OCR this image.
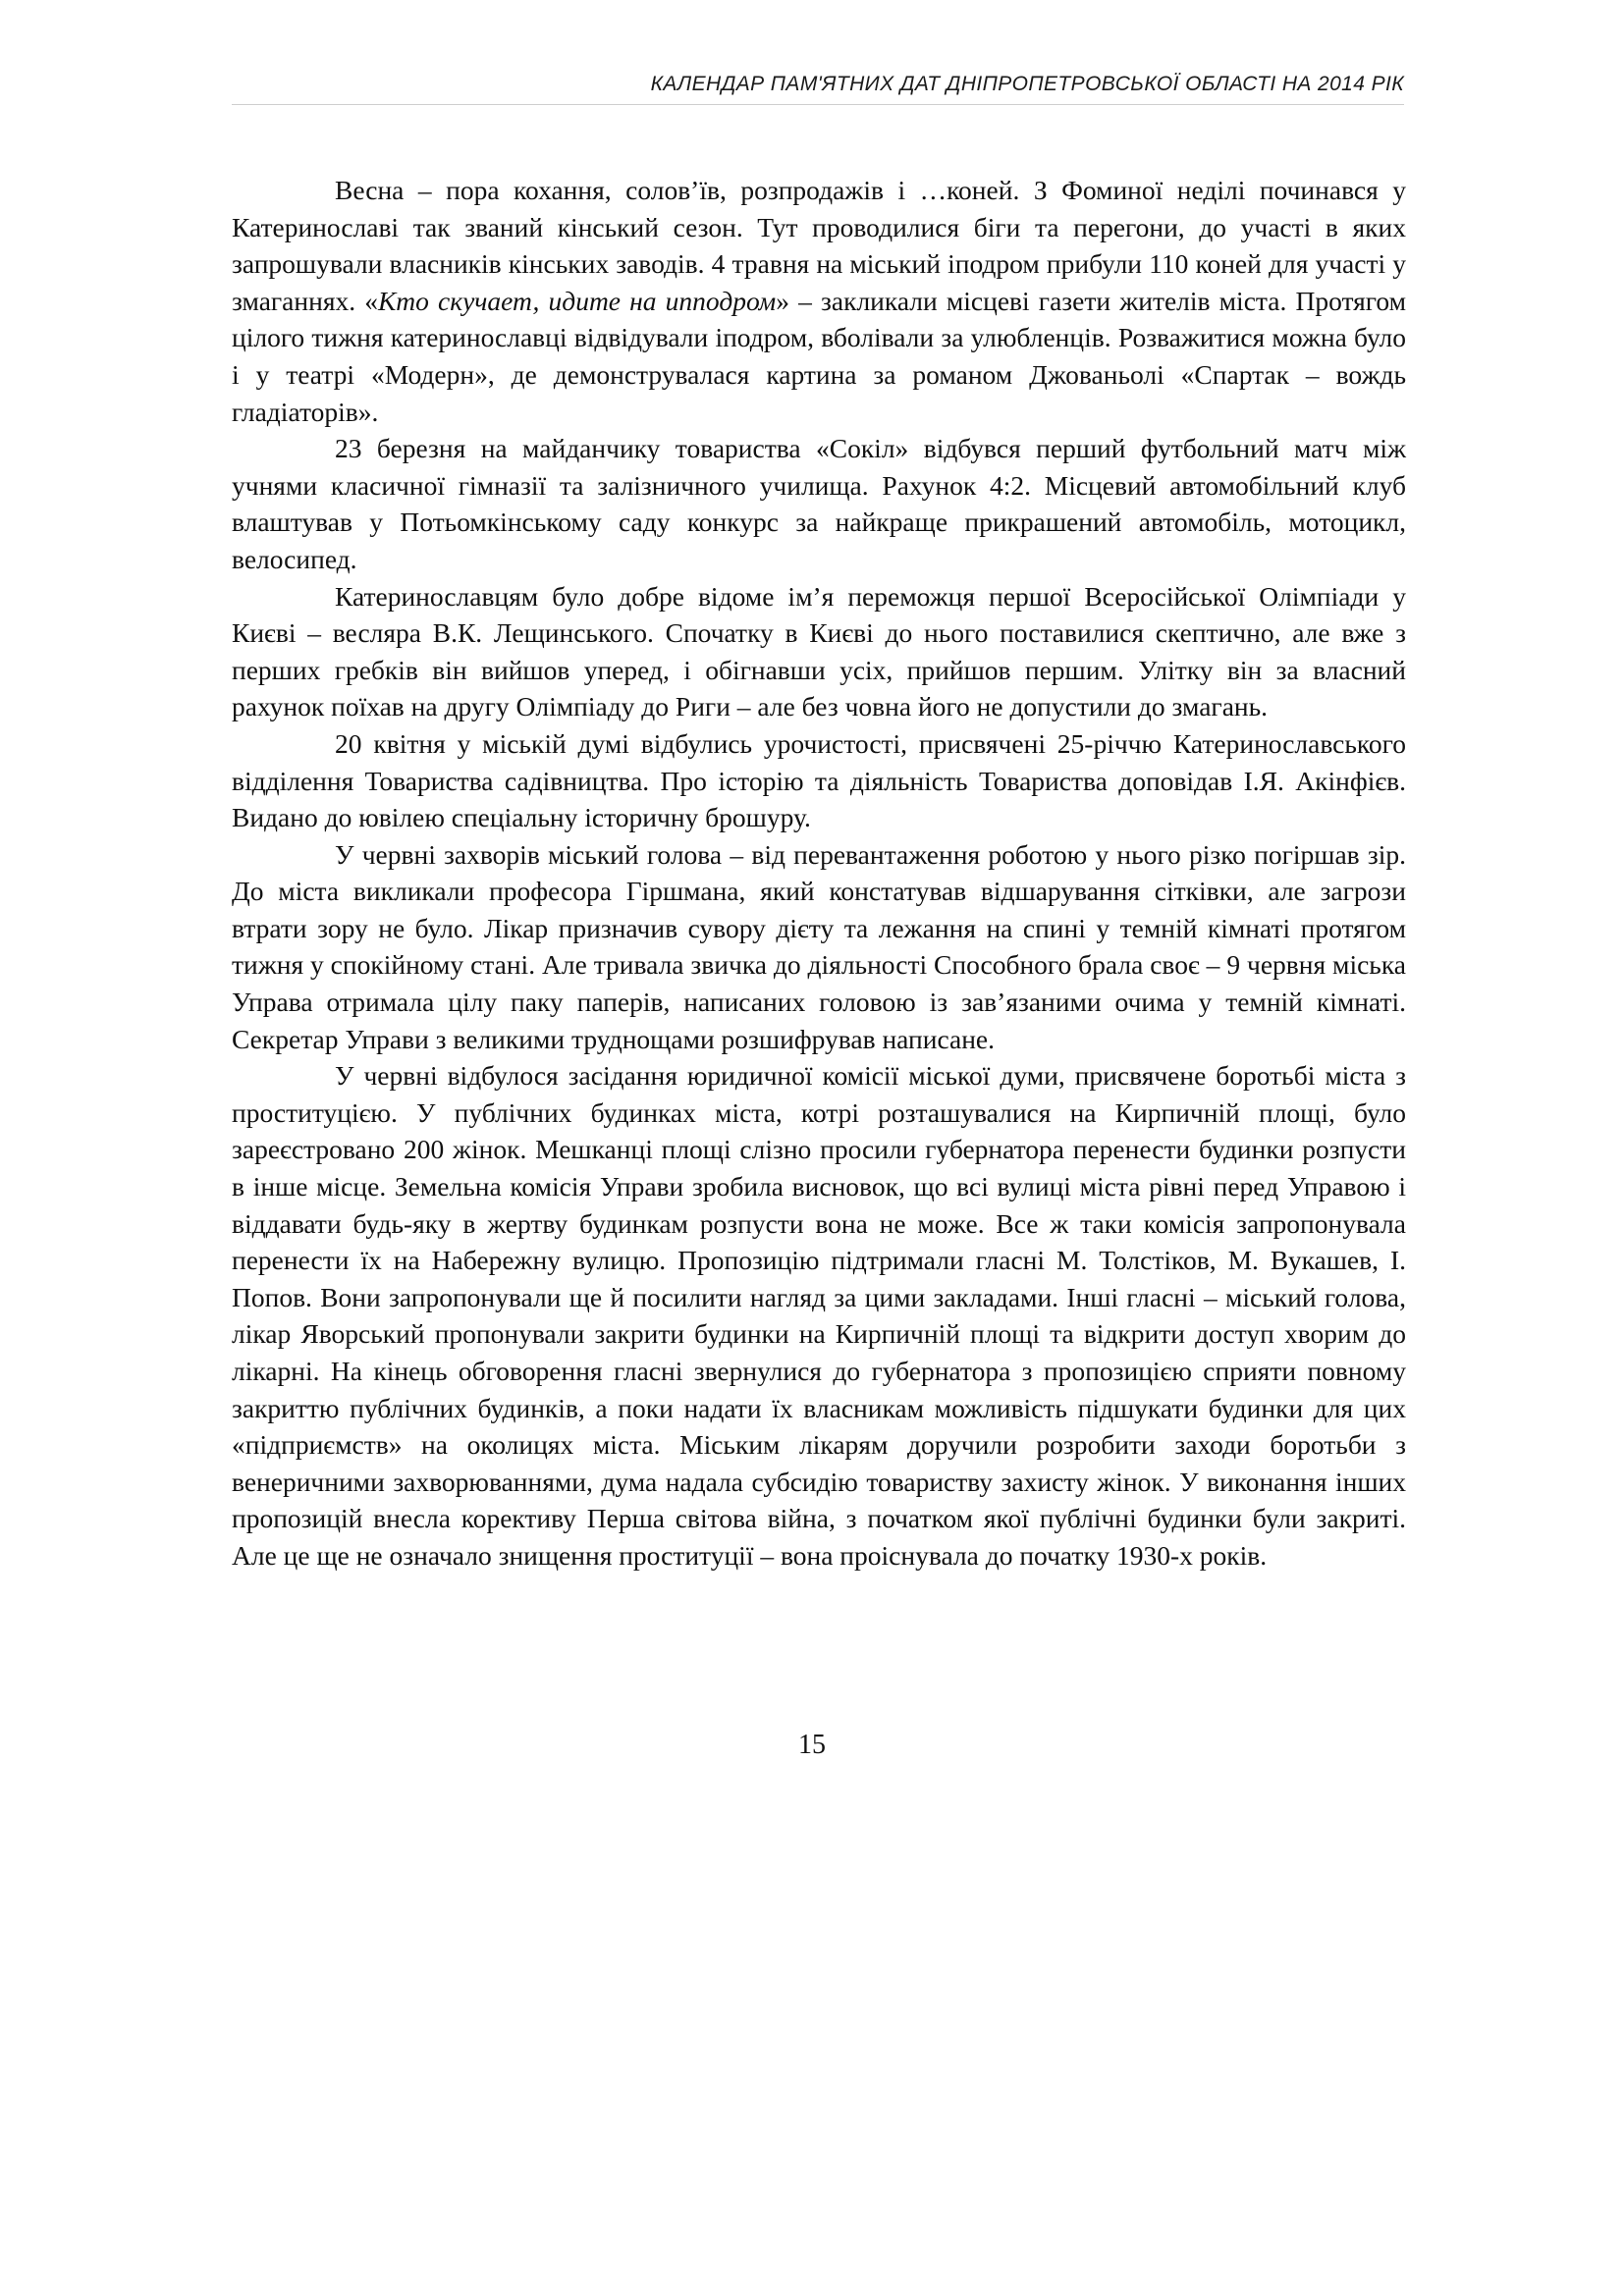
КАЛЕНДАР ПАМ'ЯТНИХ ДАТ ДНІПРОПЕТРОВСЬКОЇ ОБЛАСТІ НА 2014 РІК

Весна – пора кохання, солов’їв, розпродажів і …коней. З Фоминої неділі починався у Катеринославі так званий кінський сезон. Тут проводилися біги та перегони, до участі в яких запрошували власників кінських заводів. 4 травня на міський іподром прибули 110 коней для участі у змаганнях. «Кто скучает, идите на ипподром» – закликали місцеві газети жителів міста. Протягом цілого тижня катеринославці відвідували іподром, вболівали за улюбленців. Розважитися можна було і у театрі «Модерн», де демонструвалася картина за романом Джованьолі «Спартак – вождь гладіаторів».

23 березня на майданчику товариства «Сокіл» відбувся перший футбольний матч між учнями класичної гімназії та залізничного училища. Рахунок 4:2. Місцевий автомобільний клуб влаштував у Потьомкінському саду конкурс за найкраще прикрашений автомобіль, мотоцикл, велосипед.

Катеринославцям було добре відоме ім’я переможця першої Всеросійської Олімпіади у Києві – весляра В.К. Лещинського. Спочатку в Києві до нього поставилися скептично, але вже з перших гребків він вийшов уперед, і обігнавши усіх, прийшов першим. Улітку він за власний рахунок поїхав на другу Олімпіаду до Риги – але без човна його не допустили до змагань.

20 квітня у міській думі відбулись урочистості, присвячені 25-річчю Катеринославського відділення Товариства садівництва. Про історію та діяльність Товариства доповідав І.Я. Акінфієв. Видано до ювілею спеціальну історичну брошуру.

У червні захворів міський голова – від перевантаження роботою у нього різко погіршав зір. До міста викликали професора Гіршмана, який констатував відшарування сітківки, але загрози втрати зору не було. Лікар призначив сувору дієту та лежання на спині у темній кімнаті протягом тижня у спокійному стані. Але тривала звичка до діяльності Способного брала своє – 9 червня міська Управа отримала цілу паку паперів, написаних головою із зав’язаними очима у темній кімнаті. Секретар Управи з великими труднощами розшифрував написане.

У червні відбулося засідання юридичної комісії міської думи, присвячене боротьбі міста з проституцією. У публічних будинках міста, котрі розташувалися на Кирпичній площі, було зареєстровано 200 жінок. Мешканці площі слізно просили губернатора перенести будинки розпусти в інше місце. Земельна комісія Управи зробила висновок, що всі вулиці міста рівні перед Управою і віддавати будь-яку в жертву будинкам розпусти вона не може. Все ж таки комісія запропонувала перенести їх на Набережну вулицю. Пропозицію підтримали гласні М. Толстіков, М. Вукашев, І. Попов. Вони запропонували ще й посилити нагляд за цими закладами. Інші гласні – міський голова, лікар Яворський пропонували закрити будинки на Кирпичній площі та відкрити доступ хворим до лікарні. На кінець обговорення гласні звернулися до губернатора з пропозицією сприяти повному закриттю публічних будинків, а поки надати їх власникам можливість підшукати будинки для цих «підприємств» на околицях міста. Міським лікарям доручили розробити заходи боротьби з венеричними захворюваннями, дума надала субсидію товариству захисту жінок. У виконання інших пропозицій внесла корективу Перша світова війна, з початком якої публічні будинки були закриті. Але це ще не означало знищення проституції – вона проіснувала до початку 1930-х років.

15
